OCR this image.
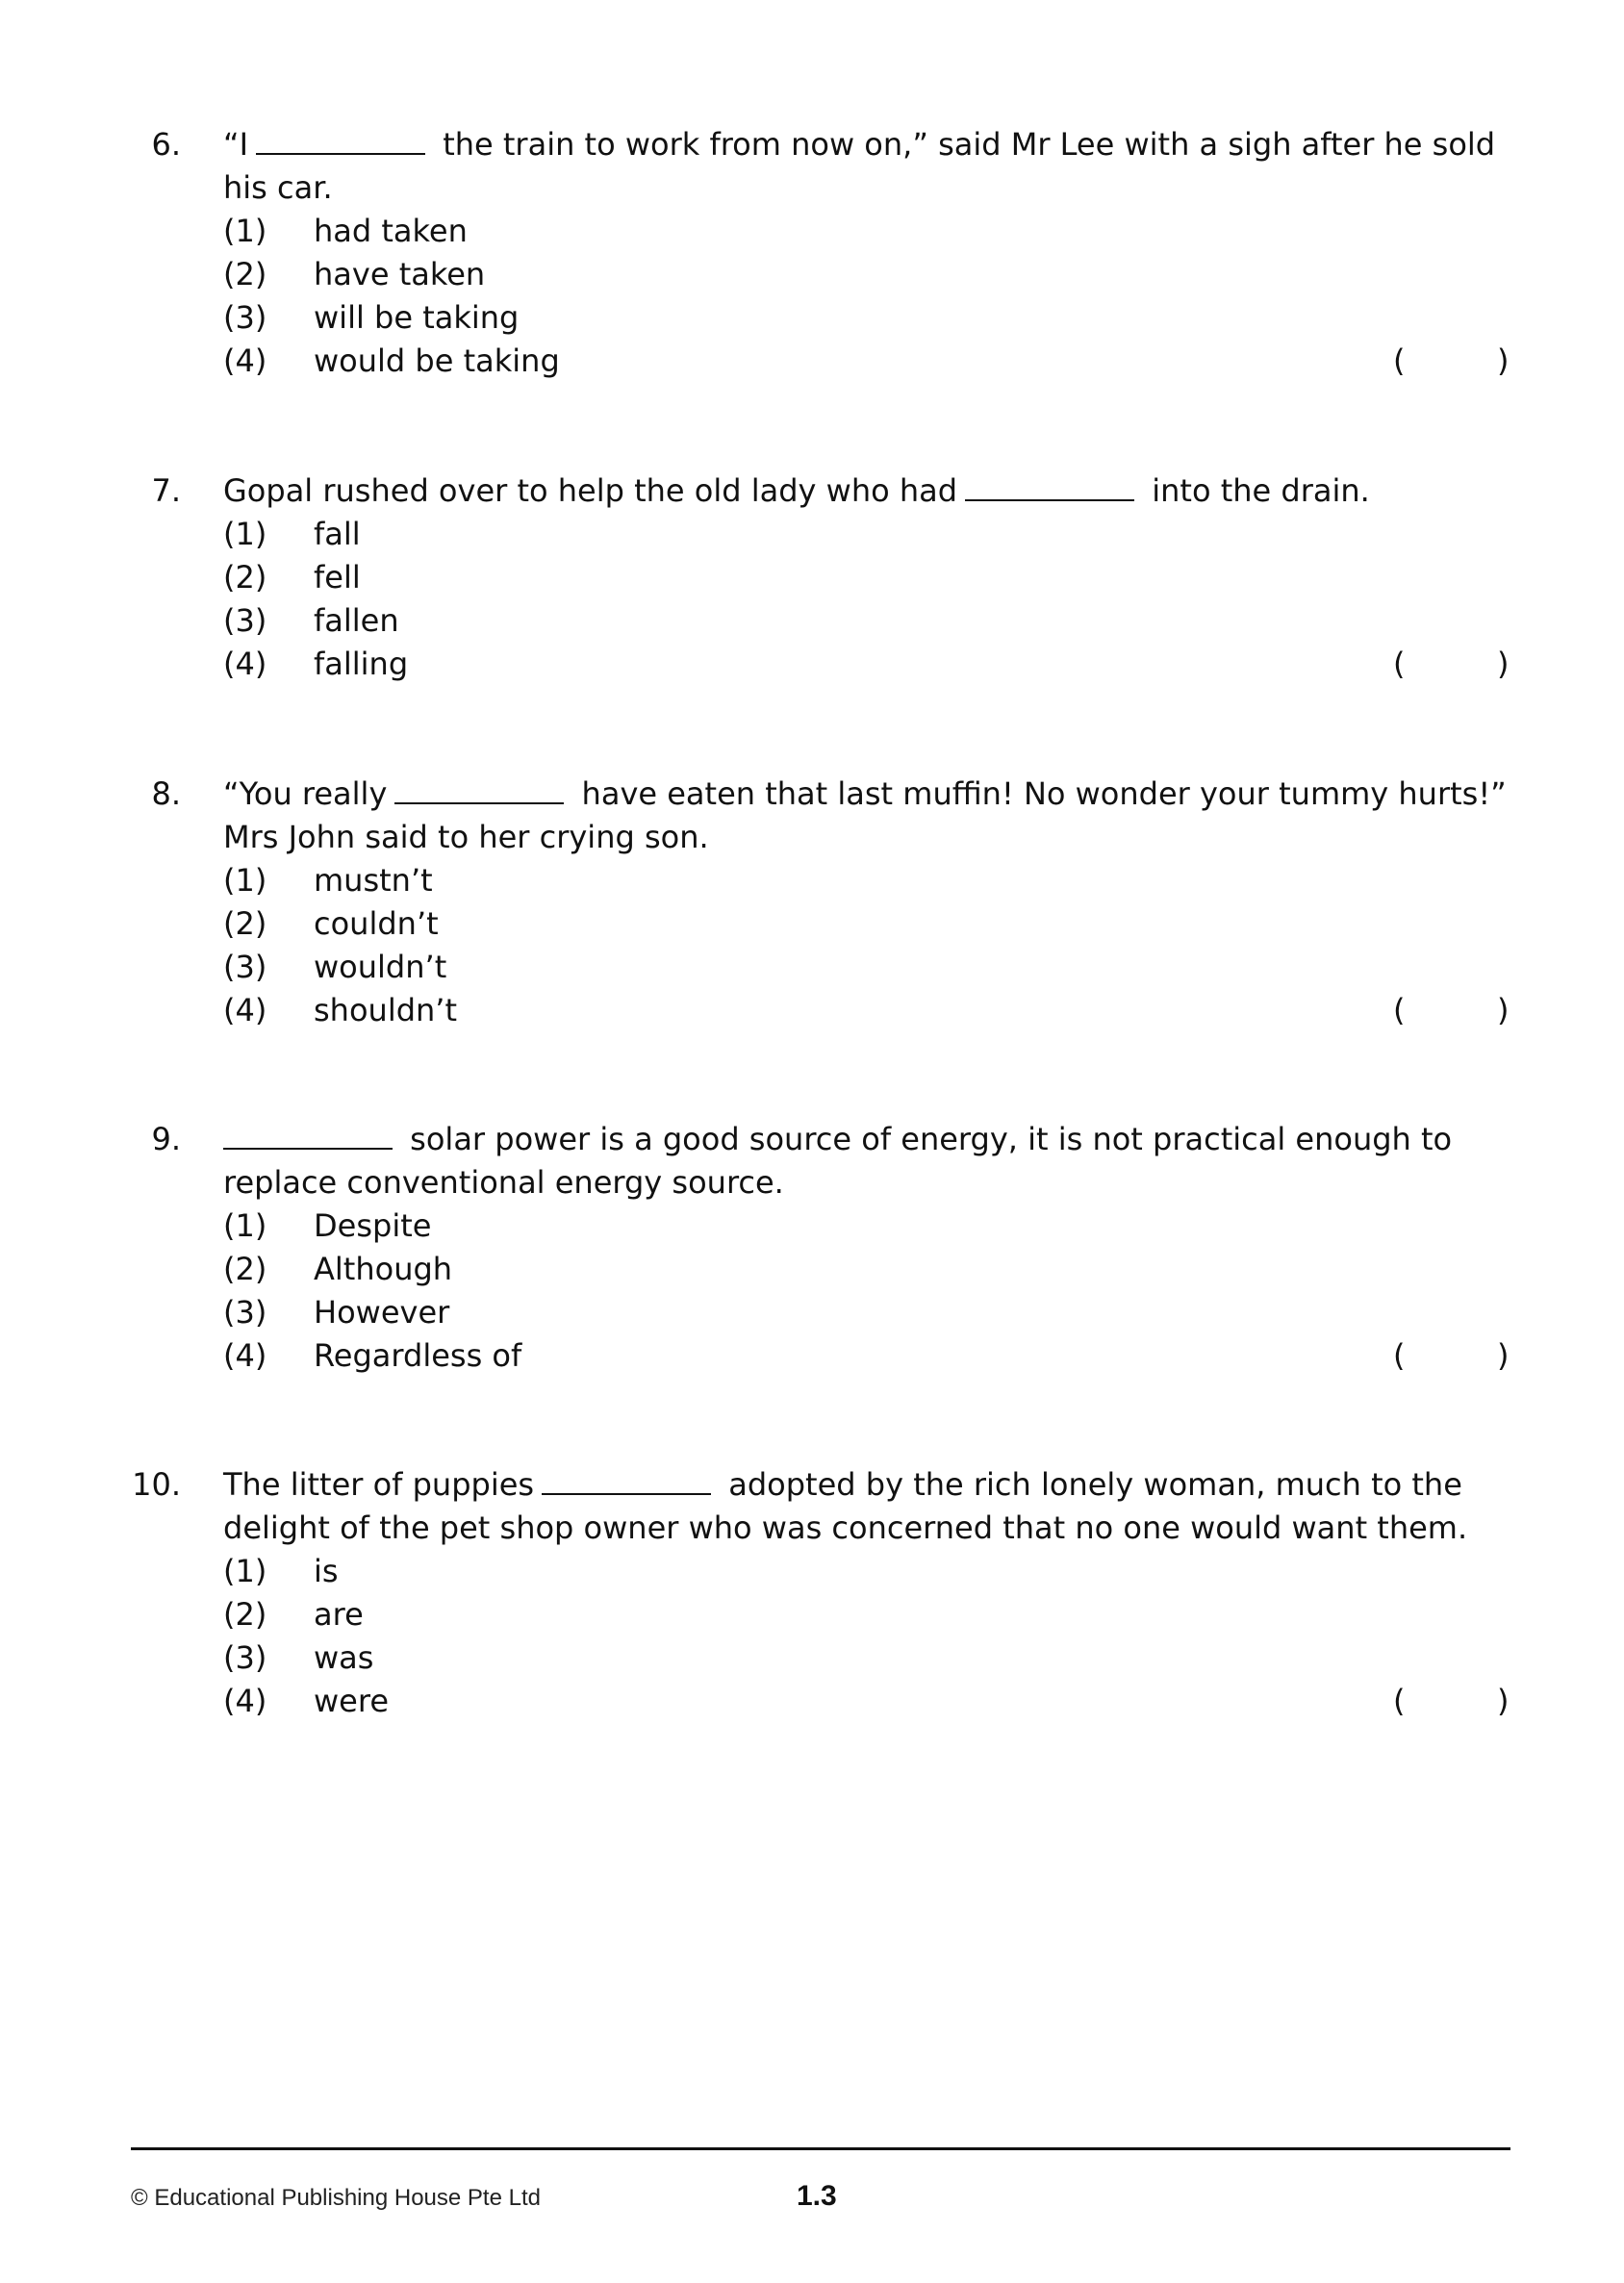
6. “I	the train to work from now on,” said Mr Lee with a sigh after he sold his car.
(1) had taken
(2) have taken
(3) will be taking
(4) would be taking	(	)
7. Gopal rushed over to help the old lady who had	into the drain.
(1) fall
(2) fell
(3) fallen
(4) falling	(	)
8. “You really	have eaten that last muffin! No wonder your tummy hurts!” Mrs John said to her crying son.
(1) mustn’t
(2) couldn’t
(3) wouldn’t
(4) shouldn’t	(	)
9.	solar power is a good source of energy, it is not practical enough to replace conventional energy source.
(1) Despite
(2) Although
(3) However
(4) Regardless of	(	)
10. The litter of puppies	adopted by the rich lonely woman, much to the delight of the pet shop owner who was concerned that no one would want them.
(1) is
(2) are
(3) was
(4) were	(	)
© Educational Publishing House Pte Ltd	1.3
